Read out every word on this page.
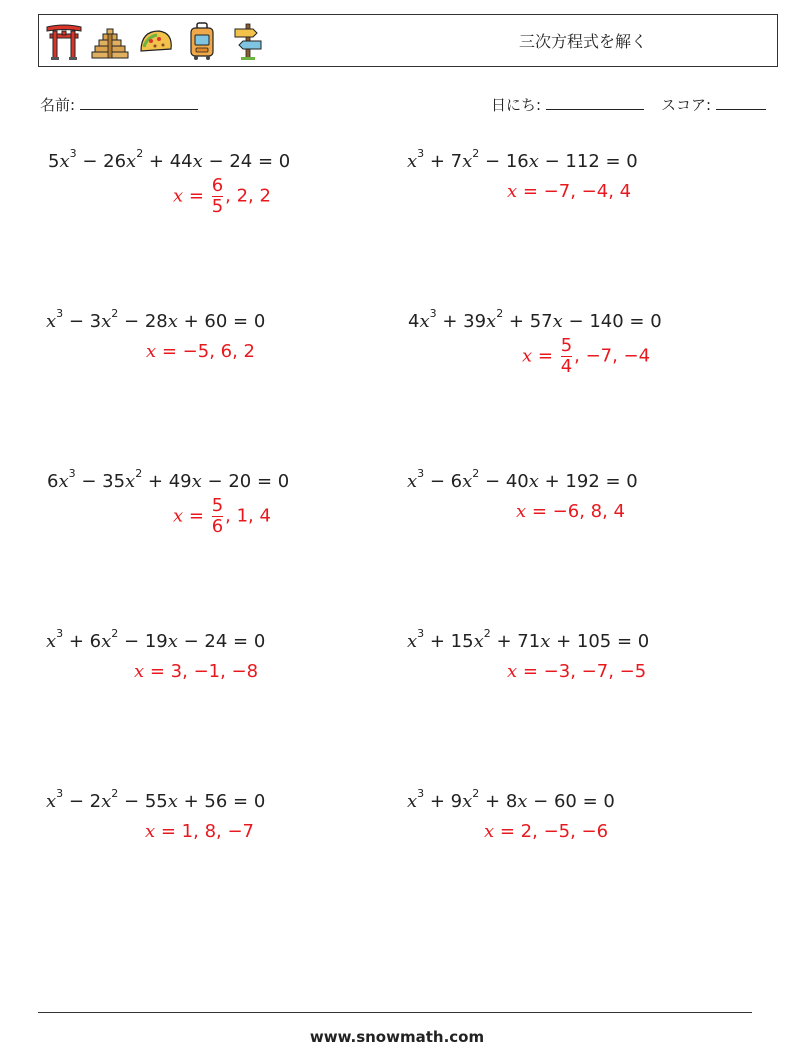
三次方程式を解く
名前:	日にち:	スコア:
$5x^3 - 26x^2 + 44x - 24 = 0$
$x = \frac{6}{5}$ , 2, 2
$x^3 + 7x^2 - 16x - 112 = 0$
x = −7, −4, 4
$x^3 - 3x^2 - 28x + 60 = 0$
x = −5, 6, 2
$4x^3 + 39x^2 + 57x - 140 = 0$
$x = \frac{5}{4}$ , −7, −4
$6x^3 - 35x^2 + 49x - 20 = 0$
$x = \frac{5}{6}$ , 1, 4
$x^3 - 6x^2 - 40x + 192 = 0$
x = −6, 8, 4
$x^3 + 6x^2 - 19x - 24 = 0$
x = 3, −1, −8
$x^3 + 15x^2 + 71x + 105 = 0$
x = −3, −7, −5
$x^3 - 2x^2 - 55x + 56 = 0$
x = 1, 8, −7
$x^3 + 9x^2 + 8x - 60 = 0$
x = 2, −5, −6
www.snowmath.com
